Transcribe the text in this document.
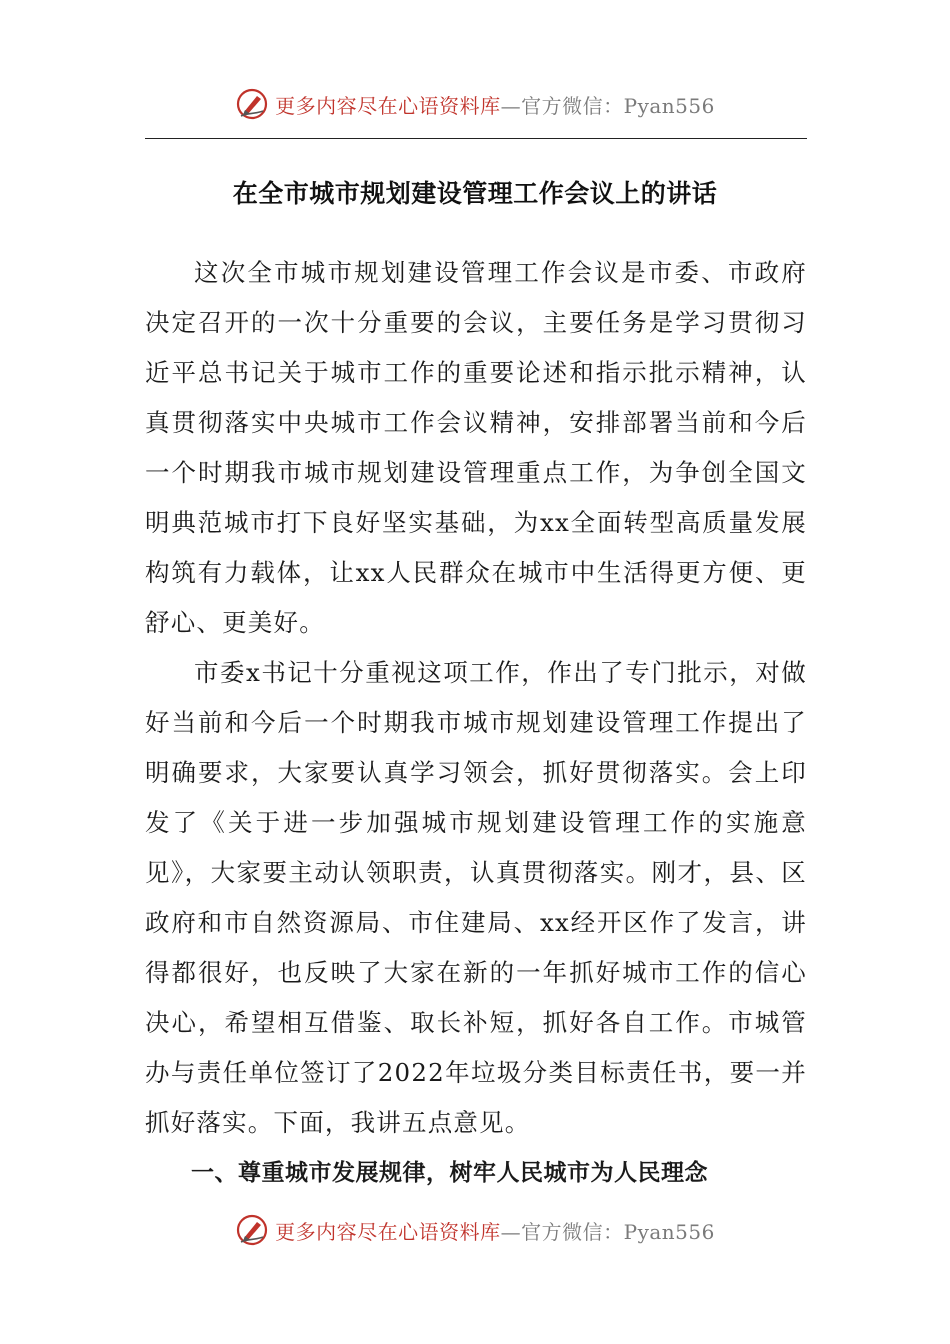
更多内容尽在心语资料库—官方微信：Pyan556
在全市城市规划建设管理工作会议上的讲话

这次全市城市规划建设管理工作会议是市委、市政府决定召开的一次十分重要的会议，主要任务是学习贯彻习近平总书记关于城市工作的重要论述和指示批示精神，认真贯彻落实中央城市工作会议精神，安排部署当前和今后一个时期我市城市规划建设管理重点工作，为争创全国文明典范城市打下良好坚实基础，为xx全面转型高质量发展构筑有力载体，让xx人民群众在城市中生活得更方便、更舒心、更美好。

市委x书记十分重视这项工作，作出了专门批示，对做好当前和今后一个时期我市城市规划建设管理工作提出了明确要求，大家要认真学习领会，抓好贯彻落实。会上印发了《关于进一步加强城市规划建设管理工作的实施意见》，大家要主动认领职责，认真贯彻落实。刚才，县、区政府和市自然资源局、市住建局、xx经开区作了发言，讲得都很好，也反映了大家在新的一年抓好城市工作的信心决心，希望相互借鉴、取长补短，抓好各自工作。市城管办与责任单位签订了2022年垃圾分类目标责任书，要一并抓好落实。下面，我讲五点意见。

一、尊重城市发展规律，树牢人民城市为人民理念

更多内容尽在心语资料库—官方微信：Pyan556
